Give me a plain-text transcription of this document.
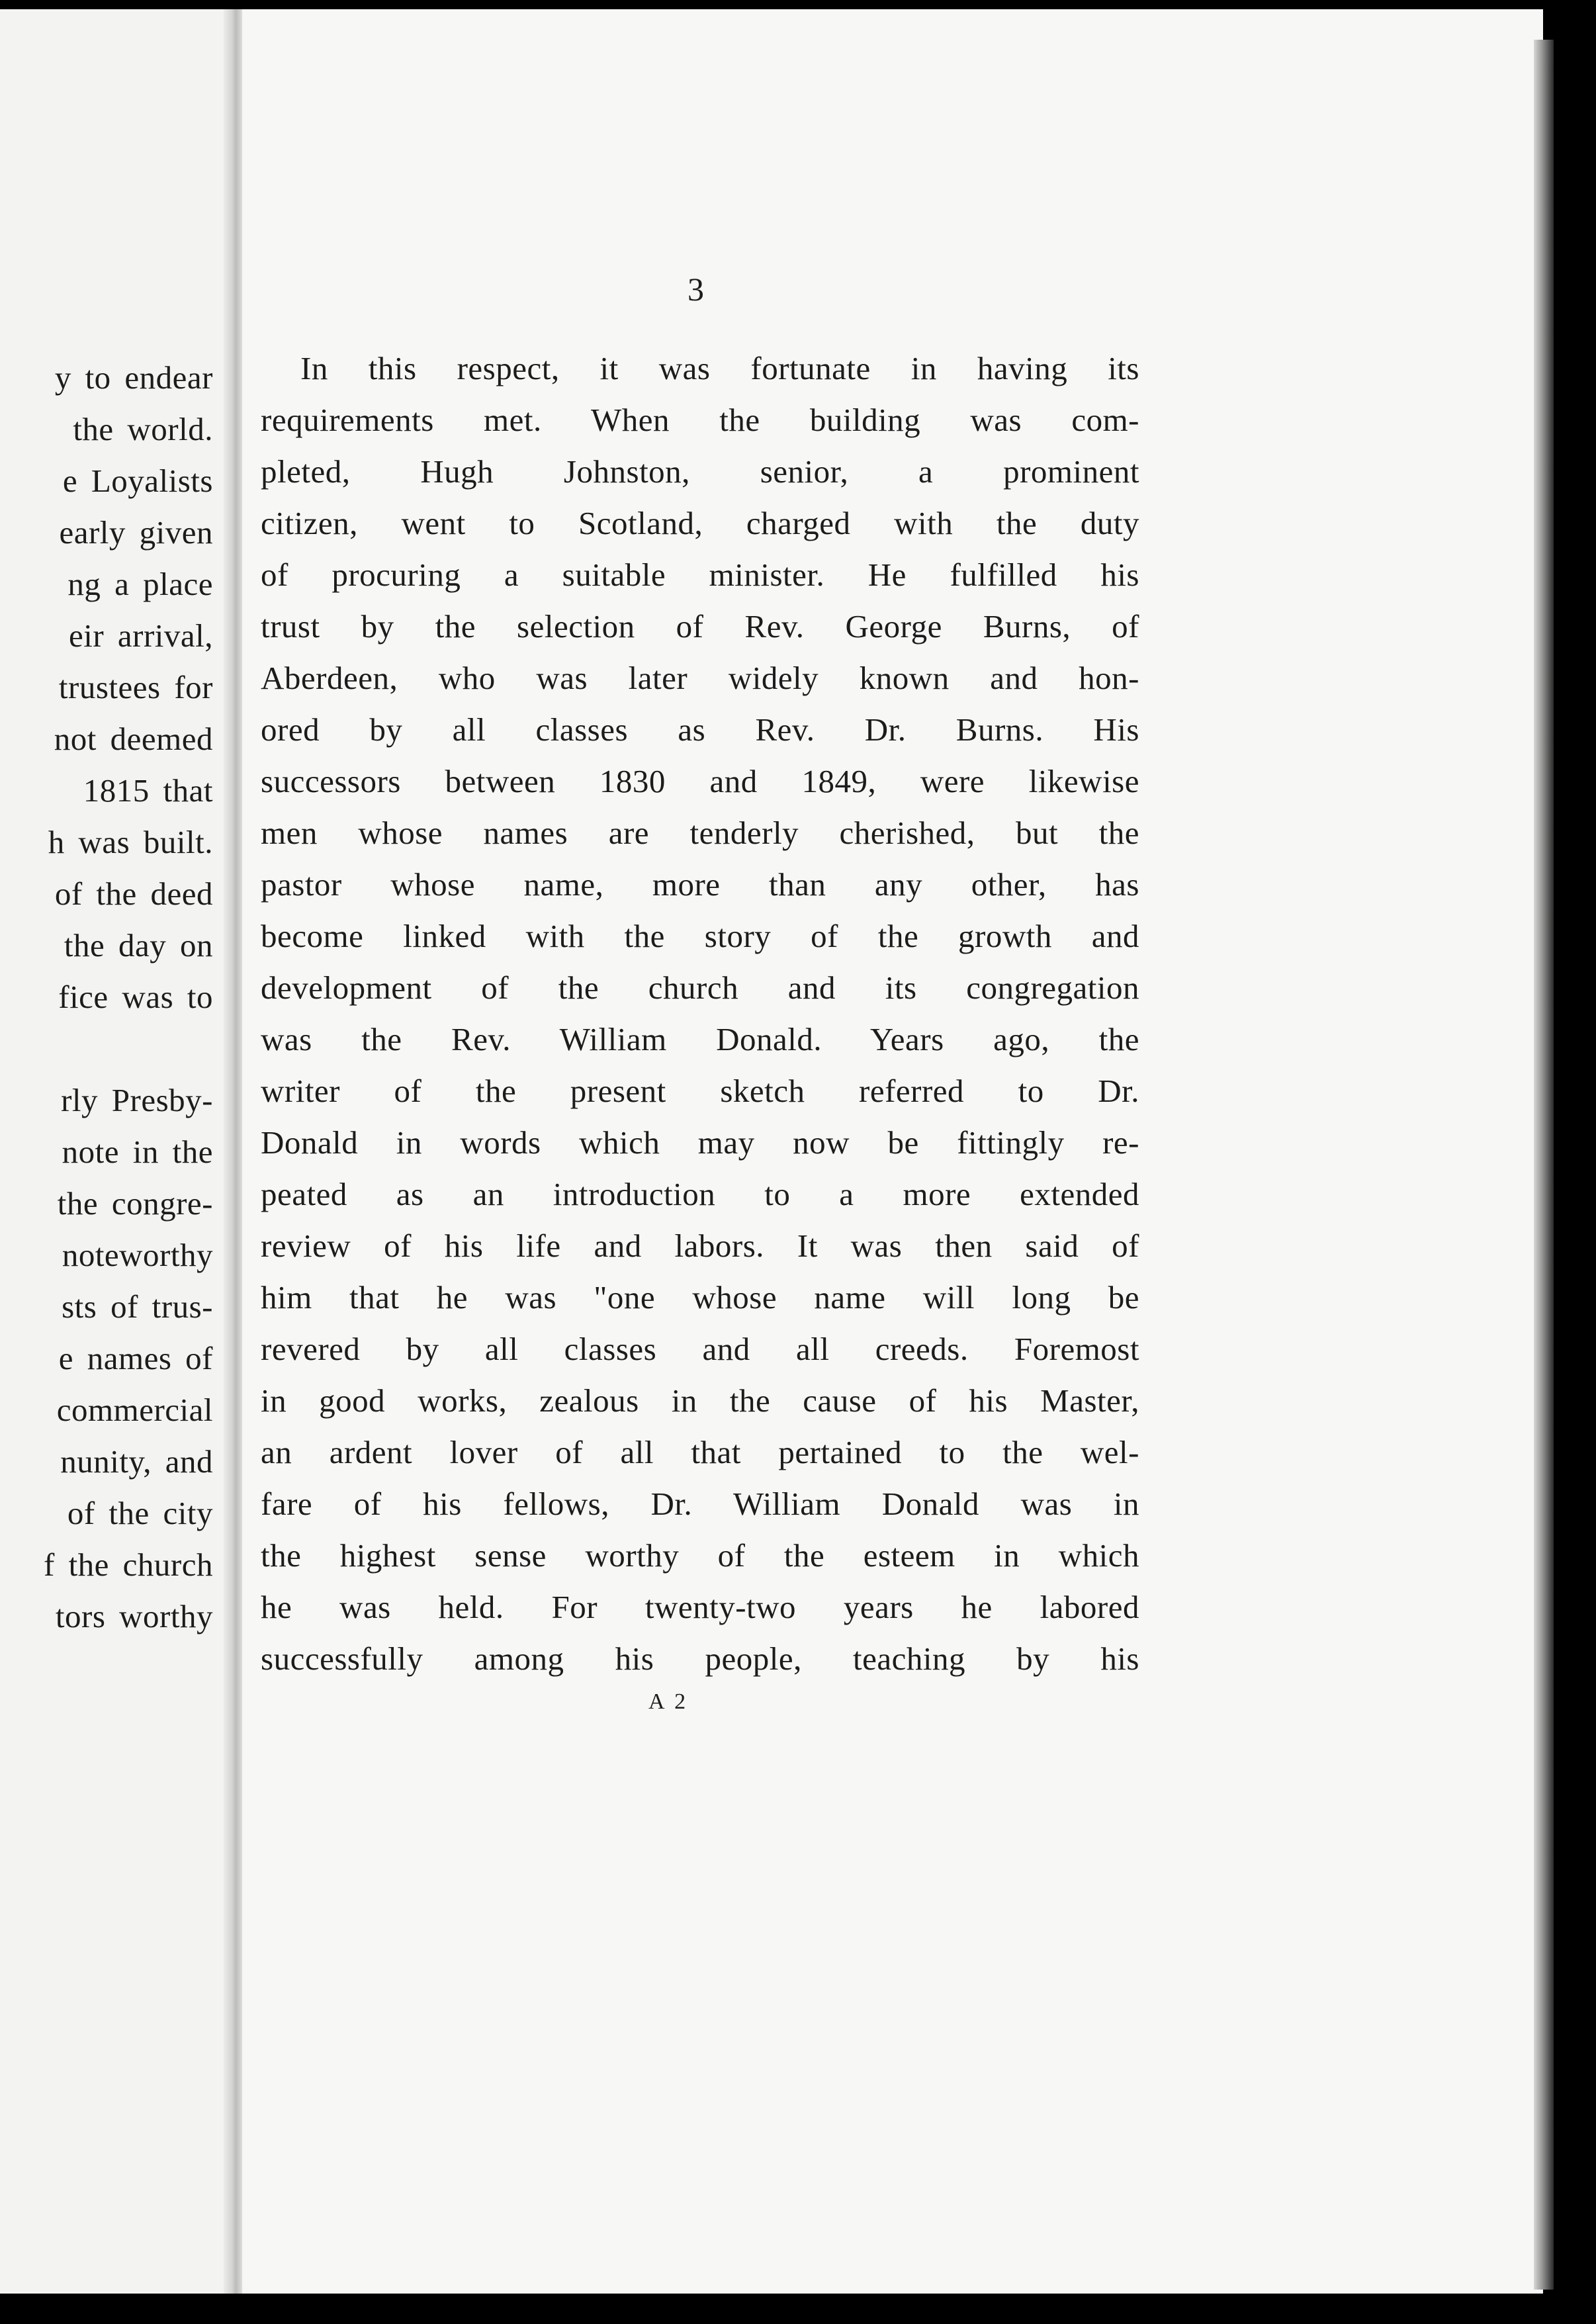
y to endear
the world.
e Loyalists
early given
ng a place
eir arrival,
trustees for
not deemed
1815 that
h was built.
of the deed
the day on
fice was to
rly Presby-
note in the
the congre-
noteworthy
sts of trus-
e names of
commercial
nunity, and
of the city
f the church
tors worthy
3
In this respect, it was fortunate in having its
requirements met. When the building was com-
pleted, Hugh Johnston, senior, a prominent
citizen, went to Scotland, charged with the duty
of procuring a suitable minister. He fulfilled his
trust by the selection of Rev. George Burns, of
Aberdeen, who was later widely known and hon-
ored by all classes as Rev. Dr. Burns. His
successors between 1830 and 1849, were likewise
men whose names are tenderly cherished, but the
pastor whose name, more than any other, has
become linked with the story of the growth and
development of the church and its congregation
was the Rev. William Donald. Years ago, the
writer of the present sketch referred to Dr.
Donald in words which may now be fittingly re-
peated as an introduction to a more extended
review of his life and labors. It was then said of
him that he was "one whose name will long be
revered by all classes and all creeds. Foremost
in good works, zealous in the cause of his Master,
an ardent lover of all that pertained to the wel-
fare of his fellows, Dr. William Donald was in
the highest sense worthy of the esteem in which
he was held. For twenty-two years he labored
successfully among his people, teaching by his
A 2
